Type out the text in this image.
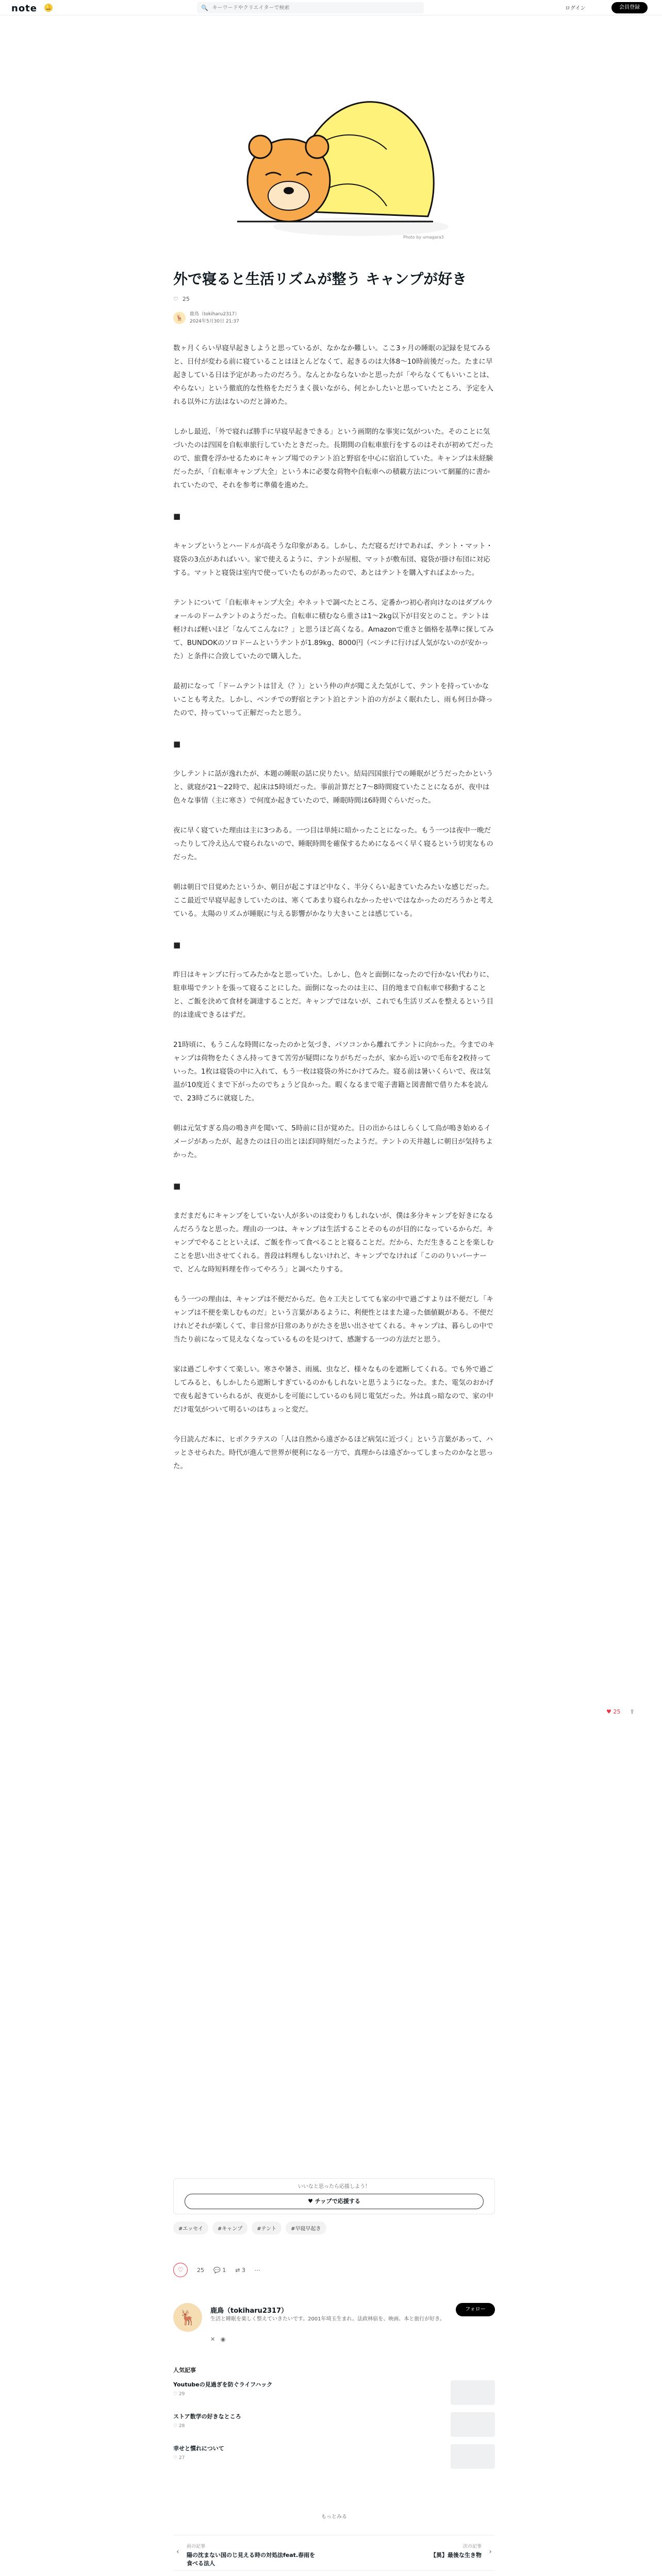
note 🔔	🔍
キーワードやクリエイターで検索	ログイン	会員登録
Photo by umagara3
外で寝ると生活リズムが整う キャンプが好き
♡ 25
🦌	鹿鳥（tokiharu2317）
2024年5月30日 21:37

数ヶ月くらい早寝早起きしようと思っているが、なかなか難しい。ここ3ヶ月の睡眠の記録を見てみると、日付が変わる前に寝ていることはほとんどなくて、起きるのは大体8〜10時前後だった。たまに早起きしている日は予定があったのだろう。なんとかならないかと思ったが「やらなくてもいいことは、やらない」という徹底的な性格をただうまく扱いながら、何とかしたいと思っていたところ、予定を入れる以外に方法はないのだと諦めた。

しかし最近、「外で寝れば勝手に早寝早起きできる」という画期的な事実に気がついた。そのことに気づいたのは四国を自転車旅行していたときだった。長期間の自転車旅行をするのはそれが初めてだったので、旅費を浮かせるためにキャンプ場でのテント泊と野宿を中心に宿泊していた。キャンプは未経験だったが、「自転車キャンプ大全」という本に必要な荷物や自転車への積載方法について網羅的に書かれていたので、それを参考に準備を進めた。

■

キャンプというとハードルが高そうな印象がある。しかし、ただ寝るだけであれば、テント・マット・寝袋の3点があればいい。家で使えるように、テントが屋根、マットが敷布団、寝袋が掛け布団に対応する。マットと寝袋は室内で使っていたものがあったので、あとはテントを購入すればよかった。

テントについて「自転車キャンプ大全」やネットで調べたところ、定番かつ初心者向けなのはダブルウォールのドームテントのようだった。自転車に積むなら重さは1〜2kg以下が目安とのこと。テントは軽ければ軽いほど「なんてこんなに？」と思うほど高くなる。Amazonで重さと価格を基準に探してみて、BUNDOKのソロドームというテントが1.89kg、8000円（ベンチに行けば人気がないのが安かった）と条件に合致していたので購入した。

最初になって「ドームテントは甘え（？）」という仲の声が聞こえた気がして、テントを持っていかないことも考えた。しかし、ベンチでの野宿とテント泊とテント泊の方がよく眠れたし、雨も何日か降ったので、持っていって正解だったと思う。

■

少しテントに話が逸れたが、本題の睡眠の話に戻りたい。結局四国旅行での睡眠がどうだったかというと、就寝が21〜22時で、起床は5時頃だった。事前計算だと7〜8時間寝ていたことになるが、夜中は色々な事情（主に寒さ）で何度か起きていたので、睡眠時間は6時間ぐらいだった。

夜に早く寝ていた理由は主に3つある。一つ目は単純に暗かったことになった。もう一つは夜中一晩だったりして冷え込んで寝られないので、睡眠時間を確保するためになるべく早く寝るという切実なものだった。

朝は朝日で目覚めたというか、朝日が起こすほど中なく、半分くらい起きていたみたいな感じだった。ここ最近で早寝早起きしていたのは、寒くてあまり寝られなかったせいではなかったのだろうかと考えている。太陽のリズムが睡眠に与える影響がかなり大きいことは感じている。

■

昨日はキャンプに行ってみたかなと思っていた。しかし、色々と面倒になったので行かない代わりに、駐車場でテントを張って寝ることにした。面倒になったのは主に、目的地まで自転車で移動することと、ご飯を決めて食材を調達することだ。キャンプではないが、これでも生活リズムを整えるという目的は達成できるはずだ。

21時頃に、もうこんな時間になったのかと気づき、パソコンから離れてテントに向かった。今までのキャンプは荷物をたくさん持ってきて苦労が疑問になりがちだったが、家から近いので毛布を2枚持っていった。1枚は寝袋の中に入れて、もう一枚は寝袋の外にかけてみた。寝る前は暑いくらいで、夜は気温が10度近くまで下がったのでちょうど良かった。暇くなるまで電子書籍と図書館で借りた本を読んで、23時ごろに就寝した。

朝は元気すぎる鳥の鳴き声を聞いて、5時前に目が覚めた。日の出からはしらくして鳥が鳴き始めるイメージがあったが、起きたのは日の出とほぼ同時刻だったようだ。テントの天井越しに朝日が気持ちよかった。

■

まだまだもにキャンプをしていない人が多いのは変わりもしれないが、僕は多分キャンプを好きになるんだろうなと思った。理由の一つは、キャンプは生活することそのものが目的になっているからだ。キャンプでやることといえば、ご飯を作って食べることと寝ることだ。だから、ただ生きることを楽しむことを思い出させてくれる。普段は料理もしないけれど、キャンプでなければ「こののりいパーナーで、どんな時短料理を作ってやろう」と調べたりする。

もう一つの理由は、キャンプは不便だからだ。色々工夫としてても家の中で過ごすよりは不便だし「キャンプは不便を楽しむものだ」という言葉があるように、利便性とはまた違った価値観がある。不便だけれどそれが楽しくて、非日常が日常のありがたさを思い出させてくれる。キャンプは、暮らしの中で当たり前になって見えなくなっているものを見つけて、感謝する一つの方法だと思う。

家は過ごしやすくて楽しい。寒さや暑さ、雨風、虫など、様々なものを遮断してくれる。でも外で過ごしてみると、もしかしたら遮断しすぎているのかもしれないと思うようになった。また、電気のおかげで夜も起きていられるが、夜更かしを可能にしているのも同じ電気だった。外は真っ暗なので、家の中だけ電気がついて明るいのはちょっと変だ。

今日読んだ本に、ヒポクラテスの「人は自然から遠ざかるほど病気に近づく」という言葉があって、ハッとさせられた。時代が進んで世界が便利になる一方で、真理からは遠ざかってしまったのかなと思った。

♥ 25 ⇪
いいなと思ったら応援しよう！
♥ チップで応援する
#エッセイ	#キャンプ	#テント	#早寝早起き
♡	25 💬 1 ⇄ 3 ⋯
🦌	鹿鳥（tokiharu2317）
生活と睡眠を楽しく整えていきたいです。2001年埼玉生まれ。法政林宿を、映画、本と旅行が好き。
フォロー
✕ ◉
人気記事
Youtubeの見過ぎを防ぐライフハック
♡ 29
ストア数学の好きなところ
♡ 28
幸せと慣れについて
♡ 27
もっとみる
‹
前の記事
陽の沈まない国のじ見える時の対処法feat.春雨を食べる法人
次の記事
【異】最後な生き物 ›
